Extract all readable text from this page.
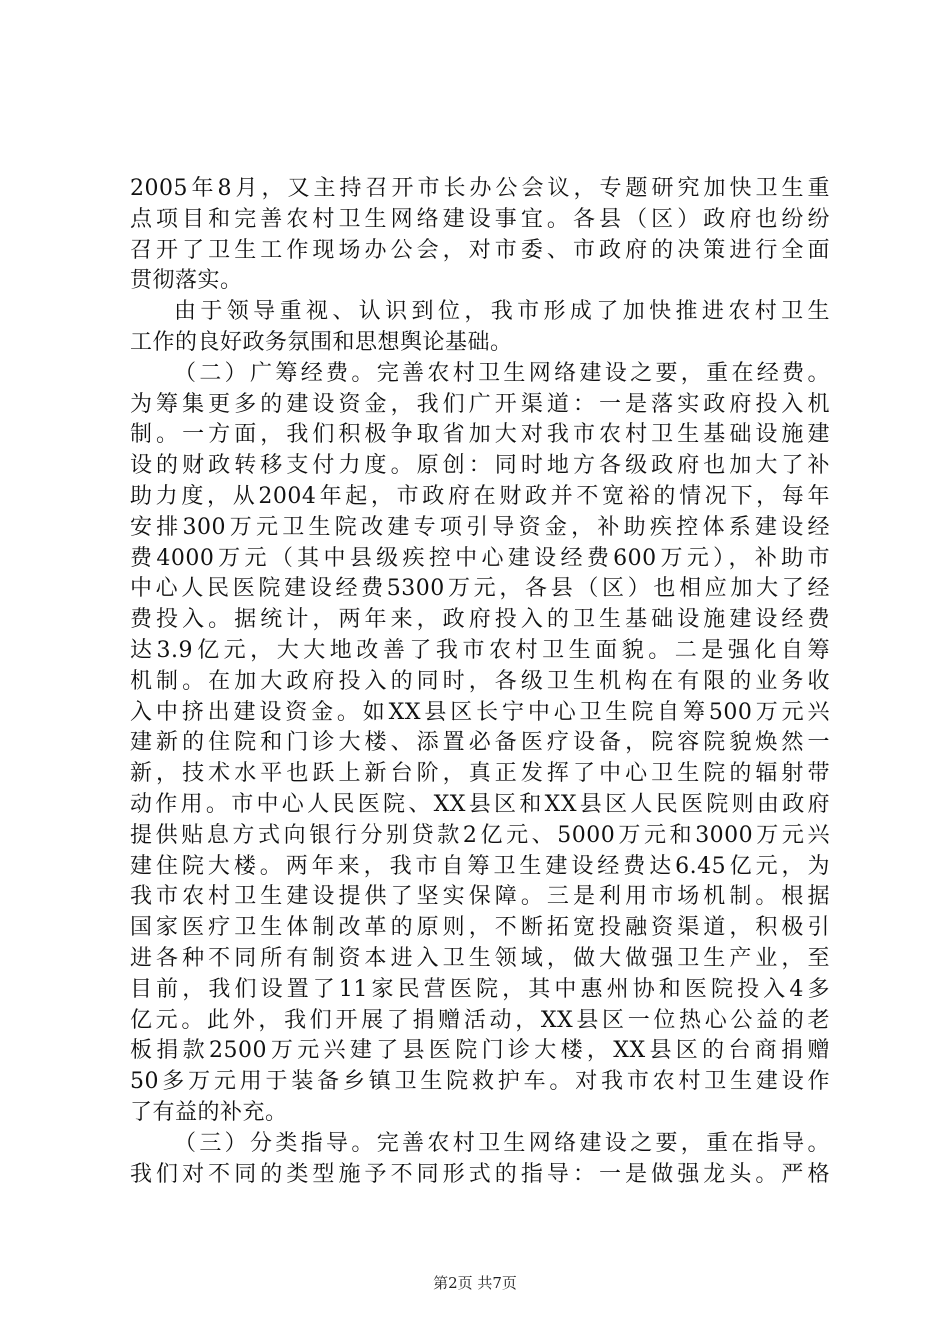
2005年8月，又主持召开市长办公会议，专题研究加快卫生重
点项目和完善农村卫生网络建设事宜。各县（区）政府也纷纷
召开了卫生工作现场办公会，对市委、市政府的决策进行全面
贯彻落实。
由于领导重视、认识到位，我市形成了加快推进农村卫生
工作的良好政务氛围和思想舆论基础。
（二）广筹经费。完善农村卫生网络建设之要，重在经费。
为筹集更多的建设资金，我们广开渠道：一是落实政府投入机
制。一方面，我们积极争取省加大对我市农村卫生基础设施建
设的财政转移支付力度。原创：同时地方各级政府也加大了补
助力度，从2004年起，市政府在财政并不宽裕的情况下，每年
安排300万元卫生院改建专项引导资金，补助疾控体系建设经
费4000万元（其中县级疾控中心建设经费600万元），补助市
中心人民医院建设经费5300万元，各县（区）也相应加大了经
费投入。据统计，两年来，政府投入的卫生基础设施建设经费
达3.9亿元，大大地改善了我市农村卫生面貌。二是强化自筹
机制。在加大政府投入的同时，各级卫生机构在有限的业务收
入中挤出建设资金。如XX县区长宁中心卫生院自筹500万元兴
建新的住院和门诊大楼、添置必备医疗设备，院容院貌焕然一
新，技术水平也跃上新台阶，真正发挥了中心卫生院的辐射带
动作用。市中心人民医院、XX县区和XX县区人民医院则由政府
提供贴息方式向银行分别贷款2亿元、5000万元和3000万元兴
建住院大楼。两年来，我市自筹卫生建设经费达6.45亿元，为
我市农村卫生建设提供了坚实保障。三是利用市场机制。根据
国家医疗卫生体制改革的原则，不断拓宽投融资渠道，积极引
进各种不同所有制资本进入卫生领域，做大做强卫生产业，至
目前，我们设置了11家民营医院，其中惠州协和医院投入4多
亿元。此外，我们开展了捐赠活动，XX县区一位热心公益的老
板捐款2500万元兴建了县医院门诊大楼，XX县区的台商捐赠
50多万元用于装备乡镇卫生院救护车。对我市农村卫生建设作
了有益的补充。
（三）分类指导。完善农村卫生网络建设之要，重在指导。
我们对不同的类型施予不同形式的指导：一是做强龙头。严格
第2页 共7页
